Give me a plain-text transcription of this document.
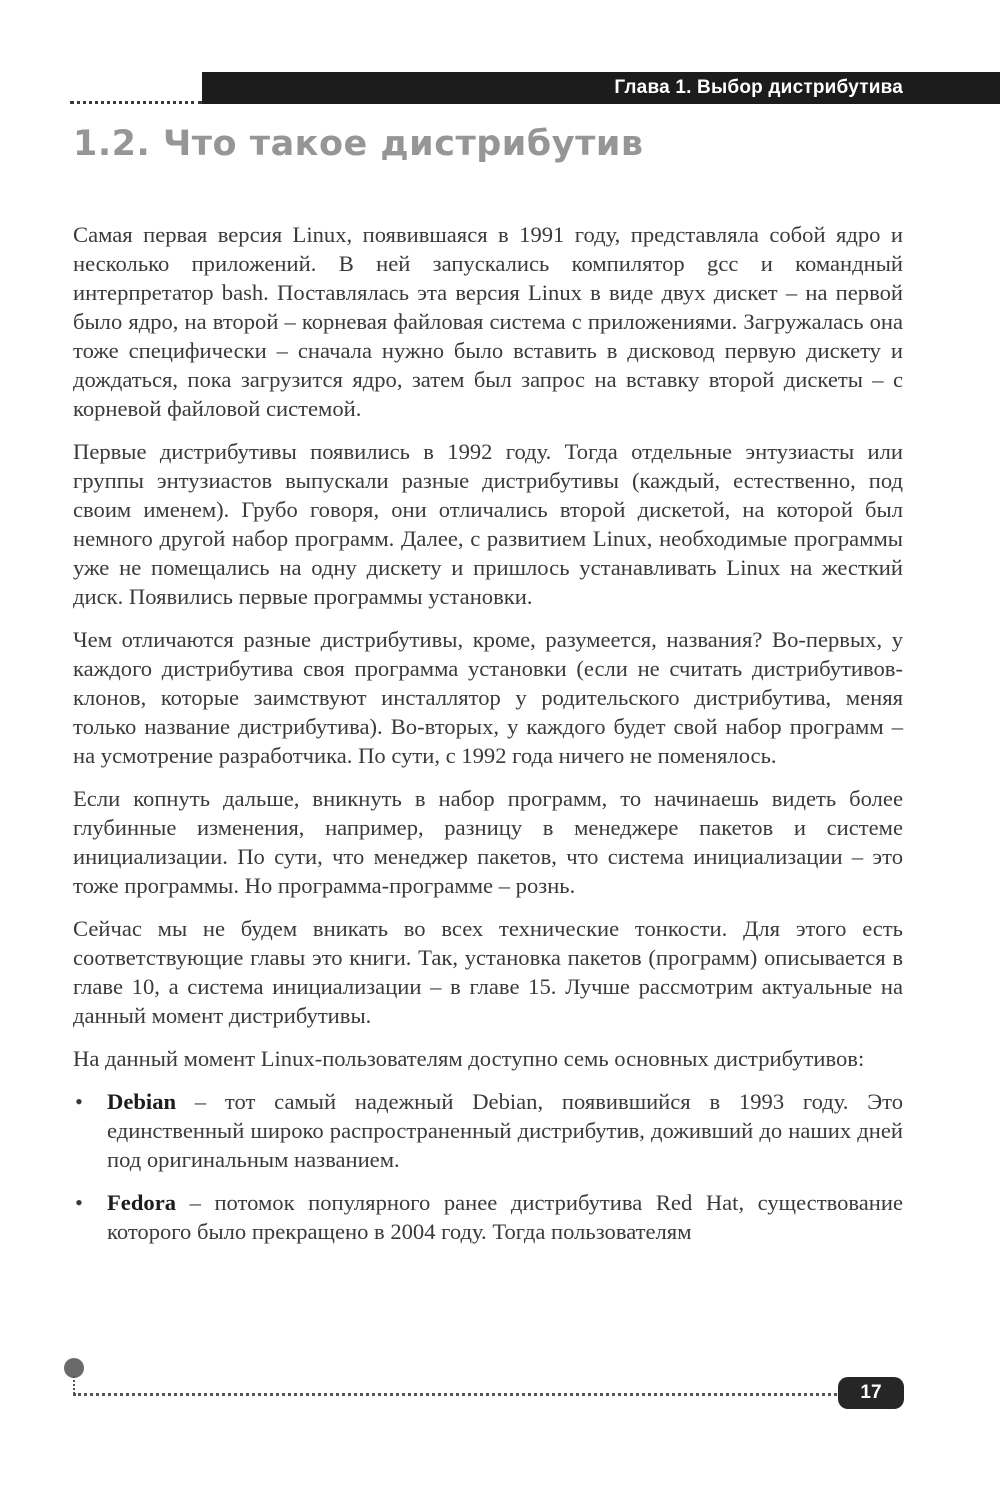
Глава 1. Выбор дистрибутива
1.2. Что такое дистрибутив

Самая первая версия Linux, появившаяся в 1991 году, представляла собой ядро и несколько приложений. В ней запускались компилятор gcc и командный интерпретатор bash. Поставлялась эта версия Linux в виде двух дискет – на первой было ядро, на второй – корневая файловая система с приложениями. Загружалась она тоже специфически – сначала нужно было вставить в дисковод первую дискету и дождаться, пока загрузится ядро, затем был запрос на вставку второй дискеты – с корневой файловой системой.

Первые дистрибутивы появились в 1992 году. Тогда отдельные энтузиасты или группы энтузиастов выпускали разные дистрибутивы (каждый, естественно, под своим именем). Грубо говоря, они отличались второй дискетой, на которой был немного другой набор программ. Далее, с развитием Linux, необходимые программы уже не помещались на одну дискету и пришлось устанавливать Linux на жесткий диск. Появились первые программы установки.

Чем отличаются разные дистрибутивы, кроме, разумеется, названия? Во-первых, у каждого дистрибутива своя программа установки (если не считать дистрибутивов-клонов, которые заимствуют инсталлятор у родительского дистрибутива, меняя только название дистрибутива). Во-вторых, у каждого будет свой набор программ – на усмотрение разработчика. По сути, с 1992 года ничего не поменялось.

Если копнуть дальше, вникнуть в набор программ, то начинаешь видеть более глубинные изменения, например, разницу в менеджере пакетов и системе инициализации. По сути, что менеджер пакетов, что система инициализации – это тоже программы. Но программа-программе – рознь.

Сейчас мы не будем вникать во всех технические тонкости. Для этого есть соответствующие главы это книги. Так, установка пакетов (программ) описывается в главе 10, а система инициализации – в главе 15. Лучше рассмотрим актуальные на данный момент дистрибутивы.

На данный момент Linux-пользователям доступно семь основных дистрибутивов:

• Debian – тот самый надежный Debian, появившийся в 1993 году. Это единственный широко распространенный дистрибутив, доживший до наших дней под оригинальным названием.
• Fedora – потомок популярного ранее дистрибутива Red Hat, существование которого было прекращено в 2004 году. Тогда пользователям
17
